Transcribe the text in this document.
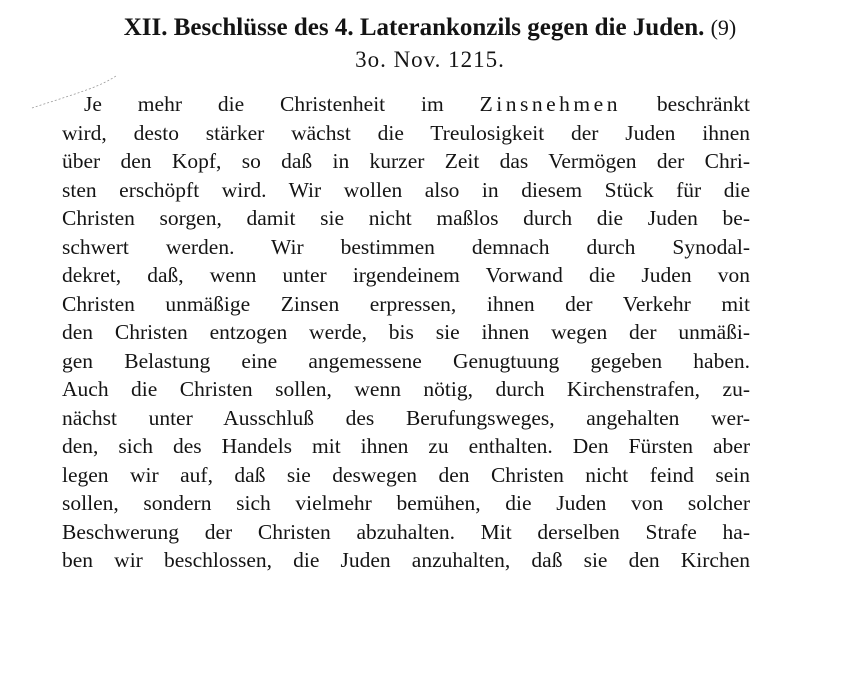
XII. Beschlüsse des 4. Laterankonzils gegen die Juden. (9)
3o. Nov. 1215.
Je mehr die Christenheit im Zinsnehmen beschränkt
wird, desto stärker wächst die Treulosigkeit der Juden ihnen
über den Kopf, so daß in kurzer Zeit das Vermögen der Chri-
sten erschöpft wird. Wir wollen also in diesem Stück für die
Christen sorgen, damit sie nicht maßlos durch die Juden be-
schwert werden. Wir bestimmen demnach durch Synodal-
dekret, daß, wenn unter irgendeinem Vorwand die Juden von
Christen unmäßige Zinsen erpressen, ihnen der Verkehr mit
den Christen entzogen werde, bis sie ihnen wegen der unmäßi-
gen Belastung eine angemessene Genugtuung gegeben haben.
Auch die Christen sollen, wenn nötig, durch Kirchenstrafen, zu-
nächst unter Ausschluß des Berufungsweges, angehalten wer-
den, sich des Handels mit ihnen zu enthalten. Den Fürsten aber
legen wir auf, daß sie deswegen den Christen nicht feind sein
sollen, sondern sich vielmehr bemühen, die Juden von solcher
Beschwerung der Christen abzuhalten. Mit derselben Strafe ha-
ben wir beschlossen, die Juden anzuhalten, daß sie den Kirchen
